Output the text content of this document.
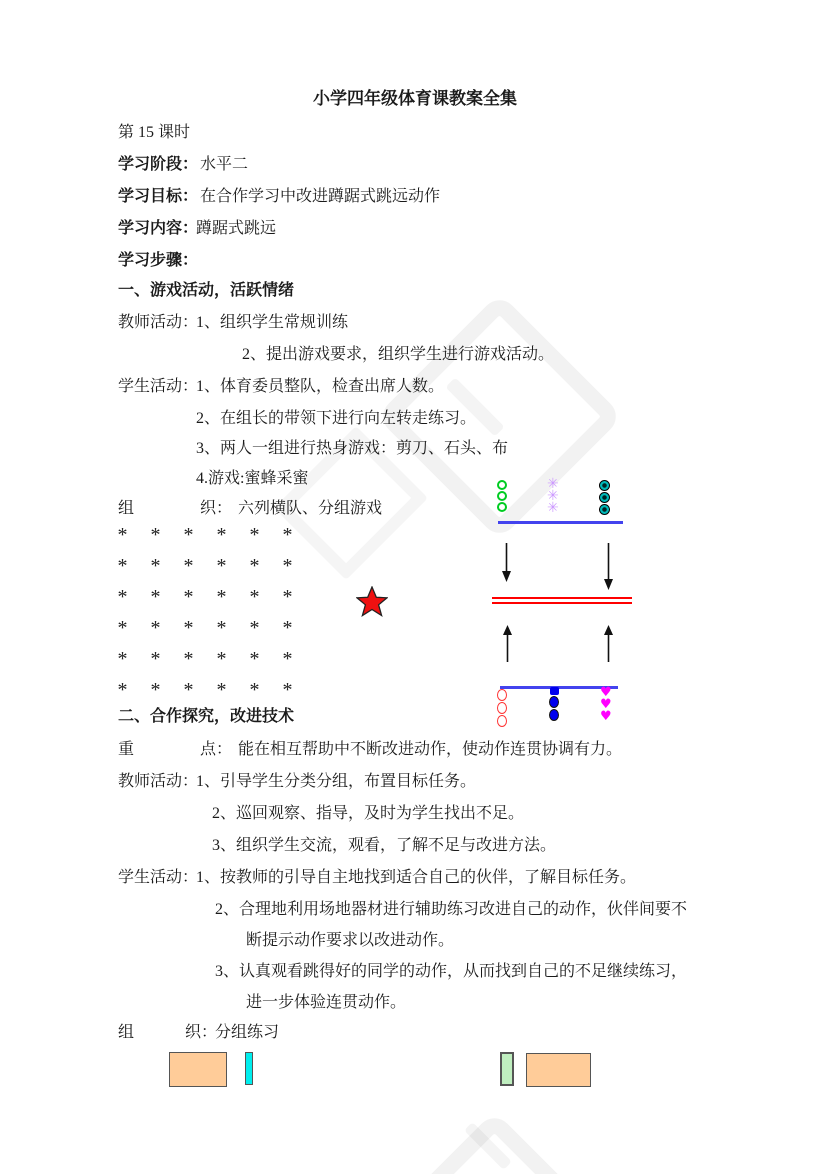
小学四年级体育课教案全集
第 15 课时
学习阶段： 水平二
学习目标： 在合作学习中改进蹲踞式跳远动作
学习内容：
蹲踞式跳远
学习步骤：
一、游戏活动，活跃情绪
教师活动：
1、组织学生常规训练
2、提出游戏要求，组织学生进行游戏活动。
学生活动：
1、体育委员整队，检查出席人数。
2、在组长的带领下进行向左转走练习。
3、两人一组进行热身游戏：剪刀、石头、布
4.游戏:蜜蜂采蜜
组	织： 六列横队、分组游戏
*	*	*	*	*	*
*	*	*	*	*	*
*	*	*	*	*	*
*	*	*	*	*	*
*	*	*	*	*	*
*	*	*	*	*	*
✳
✳
✳
♥
♥
♥
二、合作探究，改进技术
重	点： 能在相互帮助中不断改进动作，使动作连贯协调有力。
教师活动：
1、引导学生分类分组，布置目标任务。
2、巡回观察、指导，及时为学生找出不足。
3、组织学生交流，观看，了解不足与改进方法。
学生活动：
1、按教师的引导自主地找到适合自己的伙伴，了解目标任务。
2、合理地利用场地器材进行辅助练习改进自己的动作，伙伴间要不
断提示动作要求以改进动作。
3、认真观看跳得好的同学的动作，从而找到自己的不足继续练习，
进一步体验连贯动作。
组	织：
分组练习
